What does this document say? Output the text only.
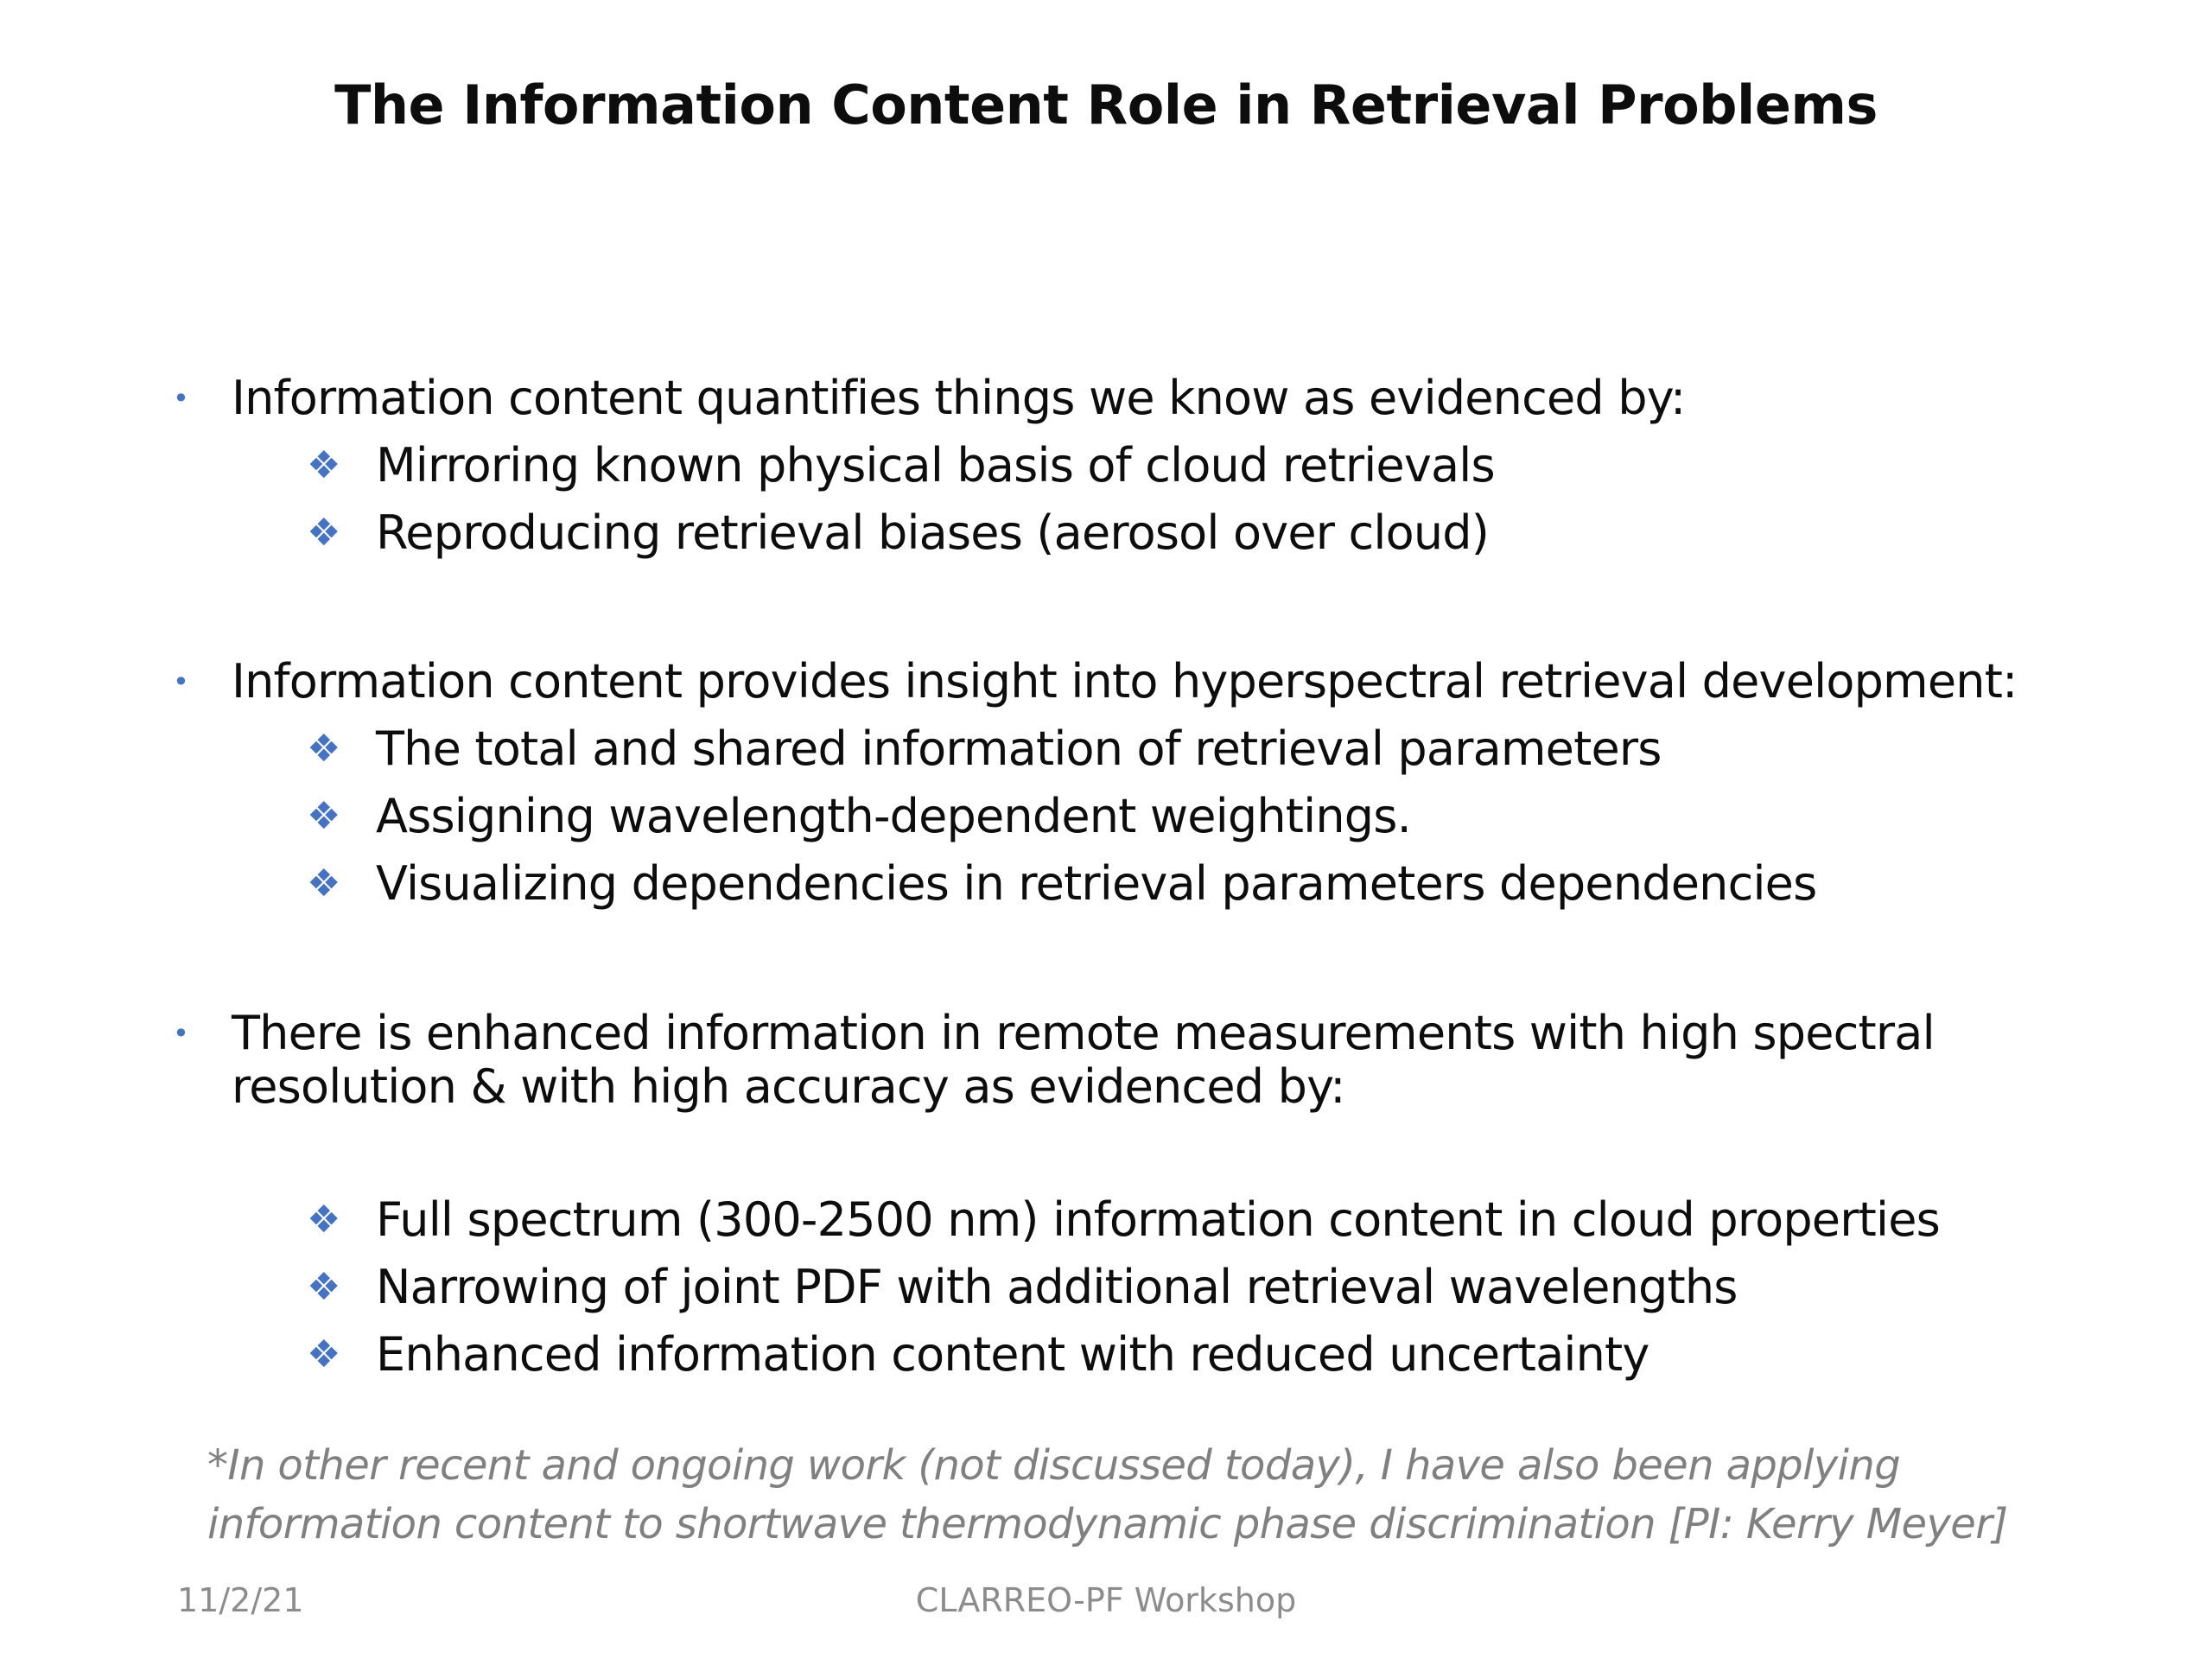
The Information Content Role in Retrieval Problems
• Information content quantifies things we know as evidenced by:
❖ Mirroring known physical basis of cloud retrievals
❖ Reproducing retrieval biases (aerosol over cloud)
• Information content provides insight into hyperspectral retrieval development:
❖ The total and shared information of retrieval parameters
❖ Assigning wavelength-dependent weightings.
❖ Visualizing dependencies in retrieval parameters dependencies
• There is enhanced information in remote measurements with high spectral
resolution & with high accuracy as evidenced by:
❖ Full spectrum (300-2500 nm) information content in cloud properties
❖ Narrowing of joint PDF with additional retrieval wavelengths
❖ Enhanced information content with reduced uncertainty
*In other recent and ongoing work (not discussed today), I have also been applying
information content to shortwave thermodynamic phase discrimination [PI: Kerry Meyer]
11/2/21	CLARREO-PF Workshop
